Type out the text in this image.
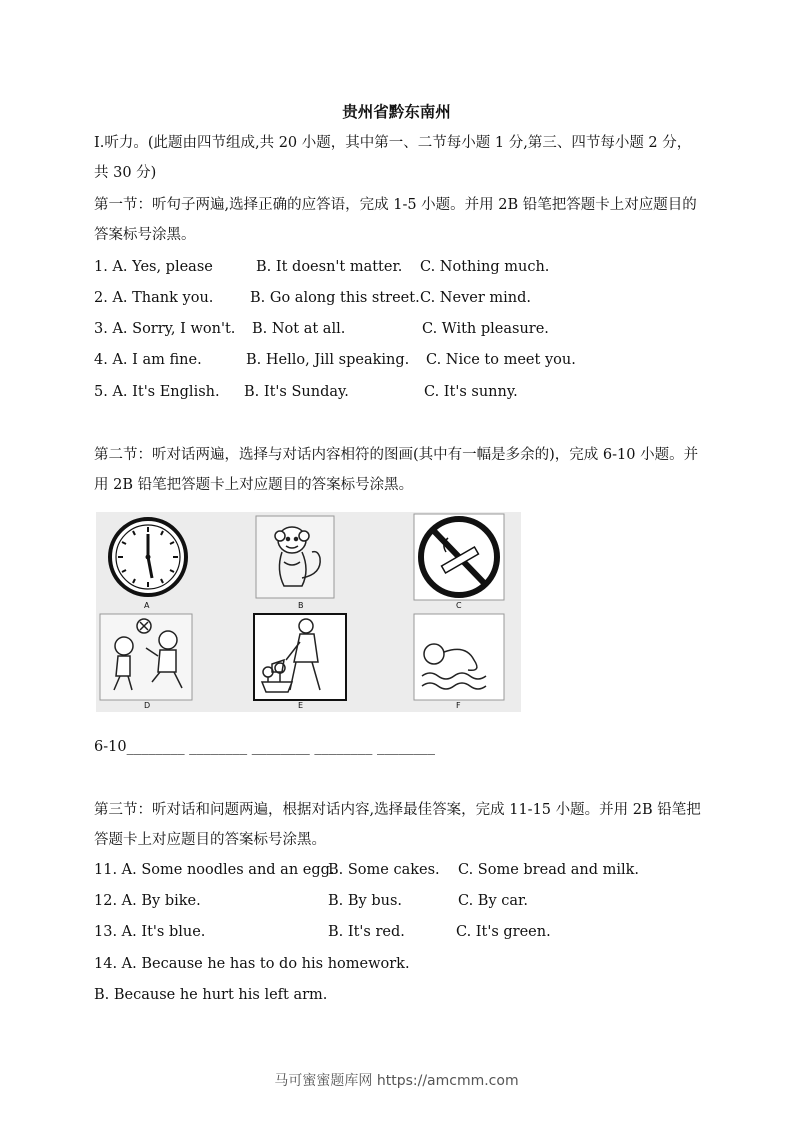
贵州省黔东南州
I.听力。(此题由四节组成,共 20 小题，其中第一、二节每小题 1 分,第三、四节每小题 2 分，共 30 分)
第一节：听句子两遍,选择正确的应答语，完成 1-5 小题。并用 2B 铅笔把答题卡上对应题目的答案标号涂黑。
1. A. Yes, please	B. It doesn't matter. C. Nothing much.
2. A. Thank you.	B. Go along this street. C. Never mind.
3. A. Sorry, I won't. B. Not at all.	C. With pleasure.
4. A. I am fine.	B. Hello, Jill speaking. C. Nice to meet you.
5. A. It's English. B. It's Sunday.	C. It's sunny.
第二节：听对话两遍，选择与对话内容相符的图画(其中有一幅是多余的)，完成 6-10 小题。并用 2B 铅笔把答题卡上对应题目的答案标号涂黑。
A	B	C
D	E	F
6-10________ ________ ________ ________ ________
第三节：听对话和问题两遍，根据对话内容,选择最佳答案，完成 11-15 小题。并用 2B 铅笔把答题卡上对应题目的答案标号涂黑。
11. A. Some noodles and an egg.
B. Some cakes. C. Some bread and milk.
12. A. By bike.	B. By bus.	C. By car.
13. A. It's blue.	B. It's red.	C. It's green.
14. A. Because he has to do his homework.
B. Because he hurt his left arm.
马可蜜蜜题库网 https://amcmm.com
